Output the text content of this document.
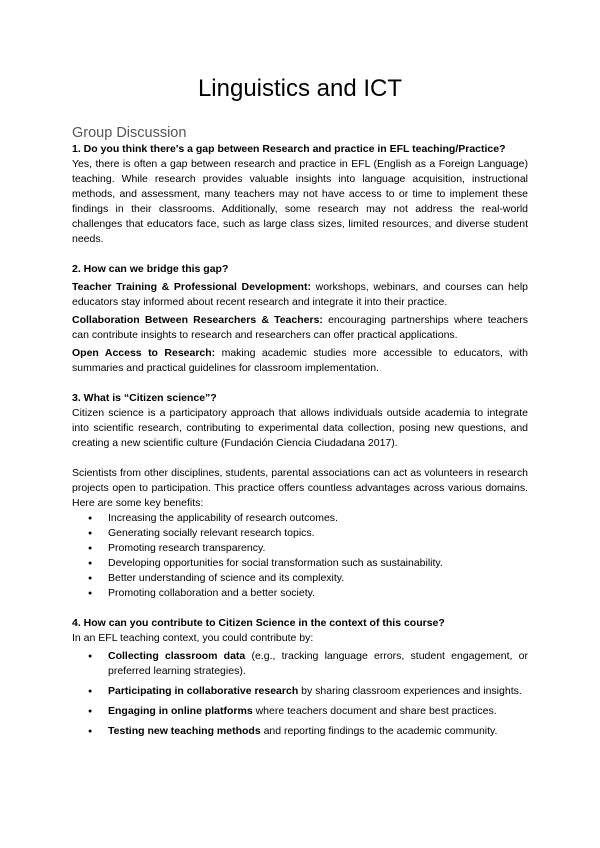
Linguistics and ICT
Group Discussion

1. Do you think there's a gap between Research and practice in EFL teaching/Practice?

Yes, there is often a gap between research and practice in EFL (English as a Foreign Language) teaching. While research provides valuable insights into language acquisition, instructional methods, and assessment, many teachers may not have access to or time to implement these findings in their classrooms. Additionally, some research may not address the real-world challenges that educators face, such as large class sizes, limited resources, and diverse student needs.

2. How can we bridge this gap?

Teacher Training & Professional Development: workshops, webinars, and courses can help educators stay informed about recent research and integrate it into their practice.

Collaboration Between Researchers & Teachers: encouraging partnerships where teachers can contribute insights to research and researchers can offer practical applications.

Open Access to Research: making academic studies more accessible to educators, with summaries and practical guidelines for classroom implementation.

3. What is “Citizen science”?

Citizen science is a participatory approach that allows individuals outside academia to integrate into scientific research, contributing to experimental data collection, posing new questions, and creating a new scientific culture (Fundación Ciencia Ciudadana 2017).

Scientists from other disciplines, students, parental associations can act as volunteers in research projects open to participation. This practice offers countless advantages across various domains. Here are some key benefits:

● Increasing the applicability of research outcomes.
● Generating socially relevant research topics.
● Promoting research transparency.
● Developing opportunities for social transformation such as sustainability.
● Better understanding of science and its complexity.
● Promoting collaboration and a better society.

4. How can you contribute to Citizen Science in the context of this course?

In an EFL teaching context, you could contribute by:

● Collecting classroom data (e.g., tracking language errors, student engagement, or preferred learning strategies).
● Participating in collaborative research by sharing classroom experiences and insights.
● Engaging in online platforms where teachers document and share best practices.
● Testing new teaching methods and reporting findings to the academic community.
